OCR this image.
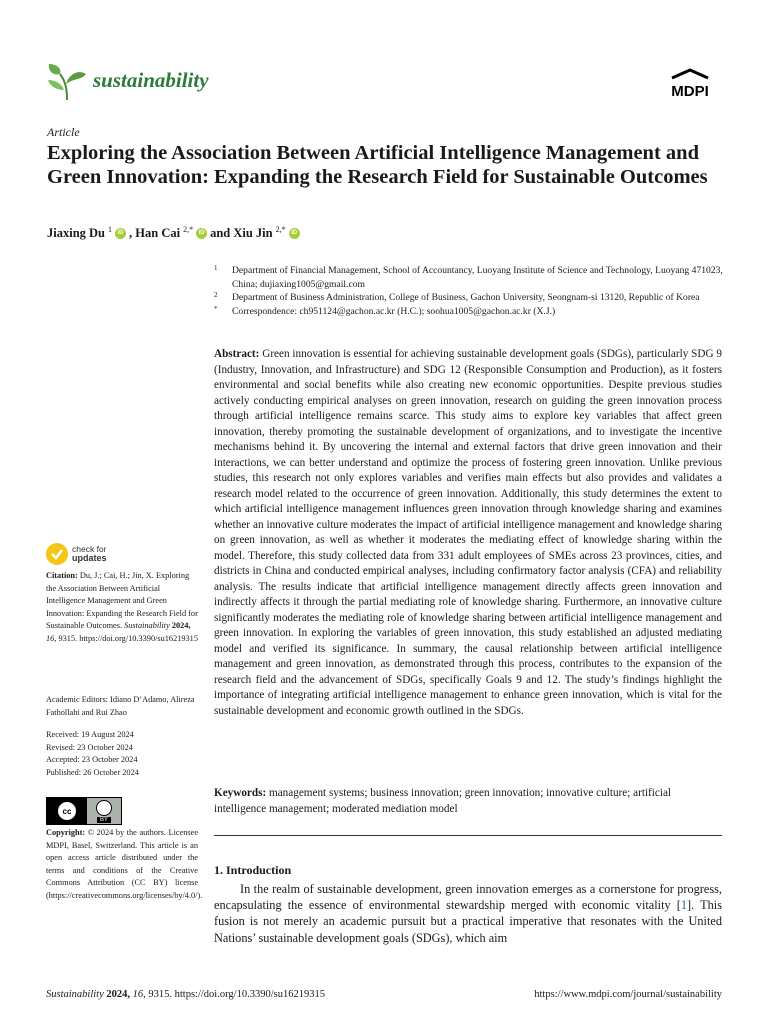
sustainability	MDPI
Article
Exploring the Association Between Artificial Intelligence Management and Green Innovation: Expanding the Research Field for Sustainable Outcomes
Jiaxing Du $^1$ iD , Han Cai $^{2,*}$ iD and Xiu Jin $^{2,*}$ iD
1	Department of Financial Management, School of Accountancy, Luoyang Institute of Science and Technology, Luoyang 471023, China; dujiaxing1005@gmail.com
2	Department of Business Administration, College of Business, Gachon University, Seongnam-si 13120, Republic of Korea
*	Correspondence: ch951124@gachon.ac.kr (H.C.); soohua1005@gachon.ac.kr (X.J.)
Abstract: Green innovation is essential for achieving sustainable development goals (SDGs), particularly SDG 9 (Industry, Innovation, and Infrastructure) and SDG 12 (Responsible Consumption and Production), as it fosters environmental and social benefits while also creating new economic opportunities. Despite previous studies actively conducting empirical analyses on green innovation, research on guiding the green innovation process through artificial intelligence remains scarce. This study aims to explore key variables that affect green innovation, thereby promoting the sustainable development of organizations, and to investigate the incentive mechanisms behind it. By uncovering the internal and external factors that drive green innovation and their interactions, we can better understand and optimize the process of fostering green innovation. Unlike previous studies, this research not only explores variables and verifies main effects but also provides and validates a research model related to the occurrence of green innovation. Additionally, this study determines the extent to which artificial intelligence management influences green innovation through knowledge sharing and examines whether an innovative culture moderates the impact of artificial intelligence management and knowledge sharing on green innovation, as well as whether it moderates the mediating effect of knowledge sharing within the model. Therefore, this study collected data from 331 adult employees of SMEs across 23 provinces, cities, and districts in China and conducted empirical analyses, including confirmatory factor analysis (CFA) and reliability analysis. The results indicate that artificial intelligence management directly affects green innovation and indirectly affects it through the partial mediating role of knowledge sharing. Furthermore, an innovative culture significantly moderates the mediating role of knowledge sharing between artificial intelligence management and green innovation. In exploring the variables of green innovation, this study established an adjusted mediating model and verified its significance. In summary, the causal relationship between artificial intelligence management and green innovation, as demonstrated through this process, contributes to the expansion of the research field and the advancement of SDGs, specifically Goals 9 and 12. The study’s findings highlight the importance of integrating artificial intelligence management to enhance green innovation, which is vital for the sustainable development and economic growth outlined in the SDGs.
Keywords: management systems; business innovation; green innovation; innovative culture; artificial intelligence management; moderated mediation model
1. Introduction
In the realm of sustainable development, green innovation emerges as a cornerstone for progress, encapsulating the essence of environmental stewardship merged with economic vitality [1]. This fusion is not merely an academic pursuit but a practical imperative that resonates with the United Nations’ sustainable development goals (SDGs), which aim
check for
updates
Citation: Du, J.; Cai, H.; Jin, X. Exploring the Association Between Artificial Intelligence Management and Green Innovation: Expanding the Research Field for Sustainable Outcomes. Sustainability 2024, 16, 9315. https://doi.org/10.3390/su16219315
Academic Editors: Idiano D’Adamo, Alireza Fathollahi and Rui Zhao
Received: 19 August 2024
Revised: 23 October 2024
Accepted: 23 October 2024
Published: 26 October 2024
cc
BY
Copyright: © 2024 by the authors. Licensee MDPI, Basel, Switzerland. This article is an open access article distributed under the terms and conditions of the Creative Commons Attribution (CC BY) license (https://creativecommons.org/licenses/by/4.0/).
Sustainability 2024, 16, 9315. https://doi.org/10.3390/su16219315	https://www.mdpi.com/journal/sustainability
